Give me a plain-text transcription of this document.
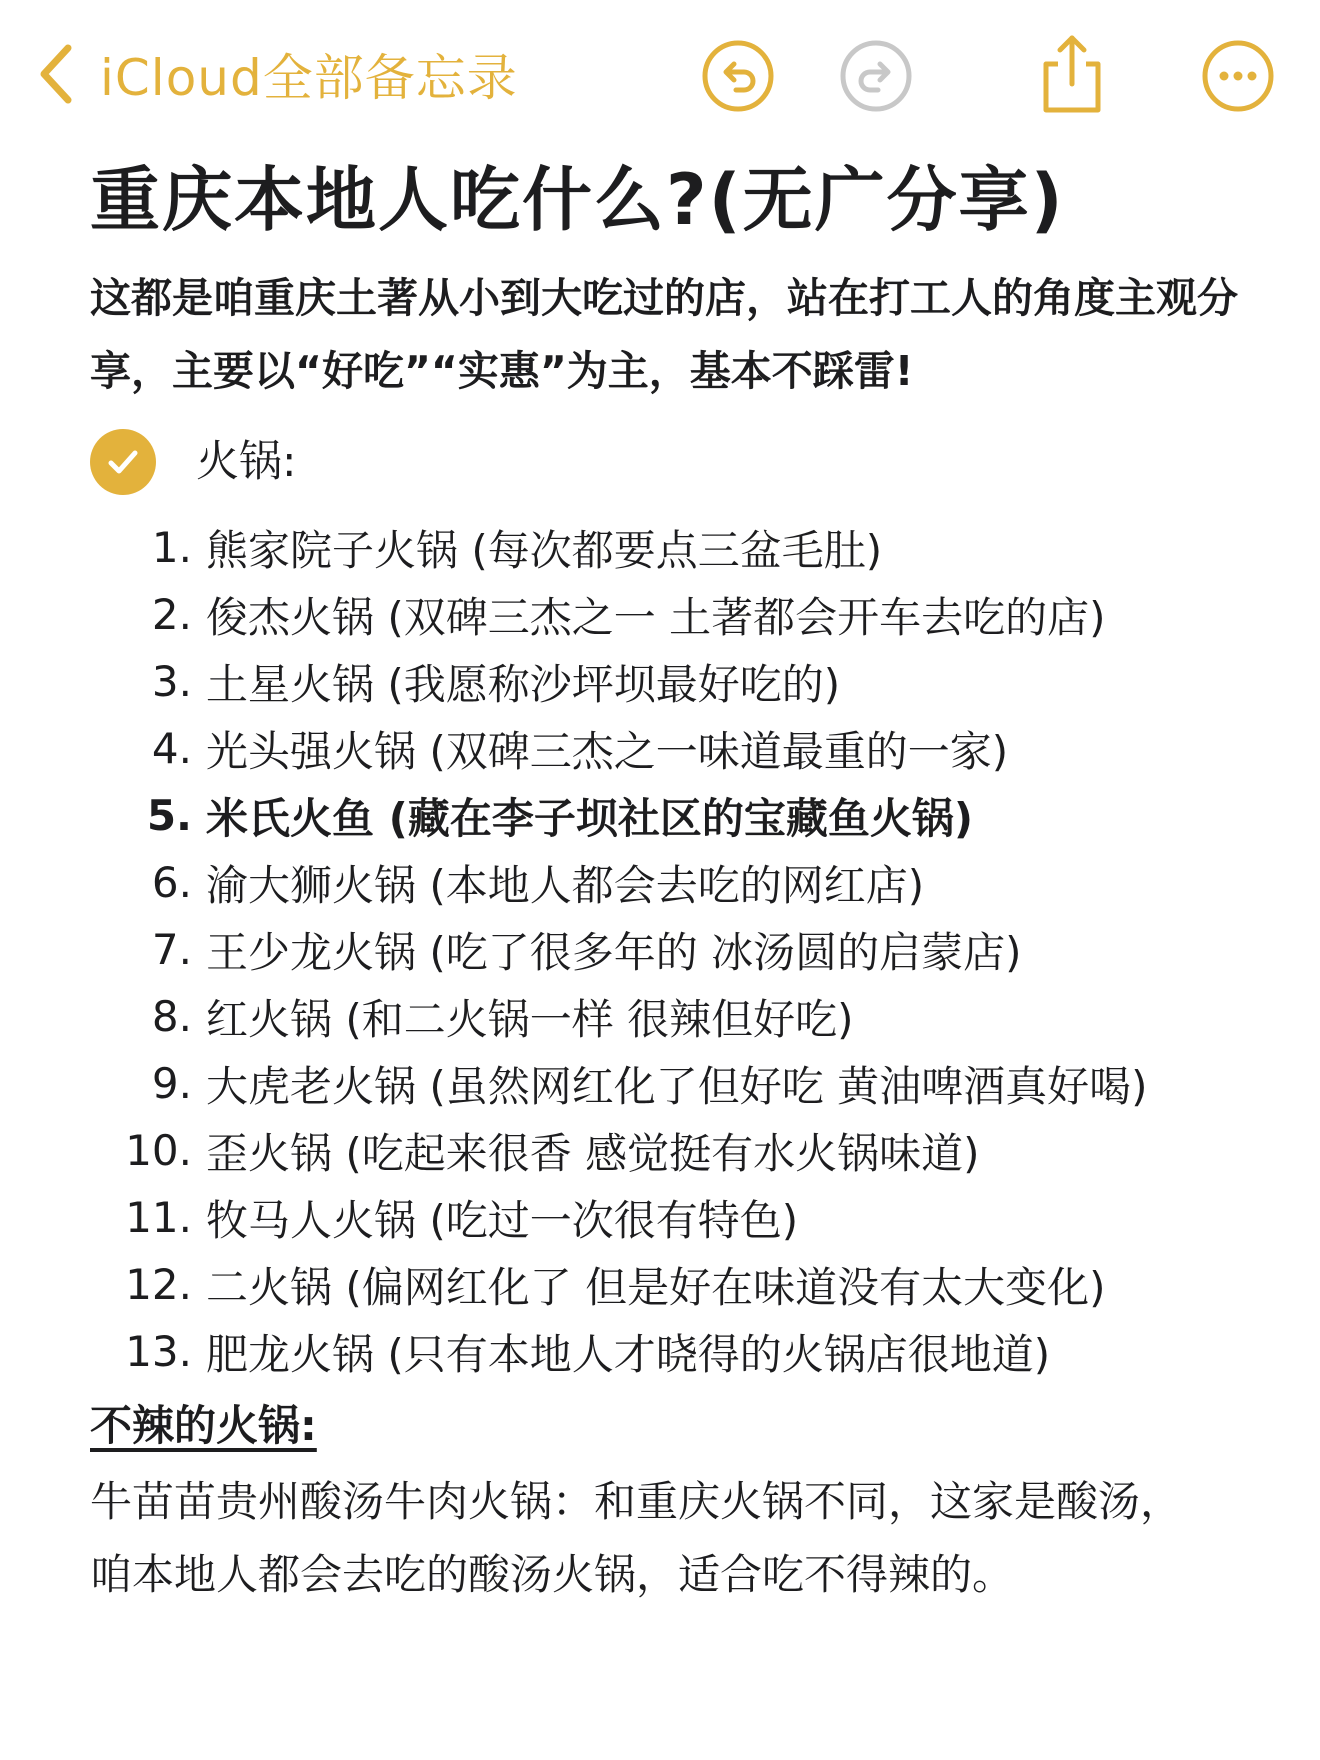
iCloud全部备忘录
重庆本地人吃什么?(无广分享)

这都是咱重庆土著从小到大吃过的店，站在打工人的角度主观分享，主要以“好吃”“实惠”为主，基本不踩雷!

火锅:
1. 熊家院子火锅 (每次都要点三盆毛肚)
2. 俊杰火锅 (双碑三杰之一 土著都会开车去吃的店)
3. 土星火锅 (我愿称沙坪坝最好吃的)
4. 光头强火锅 (双碑三杰之一味道最重的一家)
5. 米氏火鱼 (藏在李子坝社区的宝藏鱼火锅)
6. 渝大狮火锅 (本地人都会去吃的网红店)
7. 王少龙火锅 (吃了很多年的 冰汤圆的启蒙店)
8. 红火锅 (和二火锅一样 很辣但好吃)
9. 大虎老火锅 (虽然网红化了但好吃 黄油啤酒真好喝)
10. 歪火锅 (吃起来很香 感觉挺有水火锅味道)
11. 牧马人火锅 (吃过一次很有特色)
12. 二火锅 (偏网红化了 但是好在味道没有太大变化)
13. 肥龙火锅 (只有本地人才晓得的火锅店很地道)
不辣的火锅:

牛苗苗贵州酸汤牛肉火锅：和重庆火锅不同，这家是酸汤，咱本地人都会去吃的酸汤火锅，适合吃不得辣的。
